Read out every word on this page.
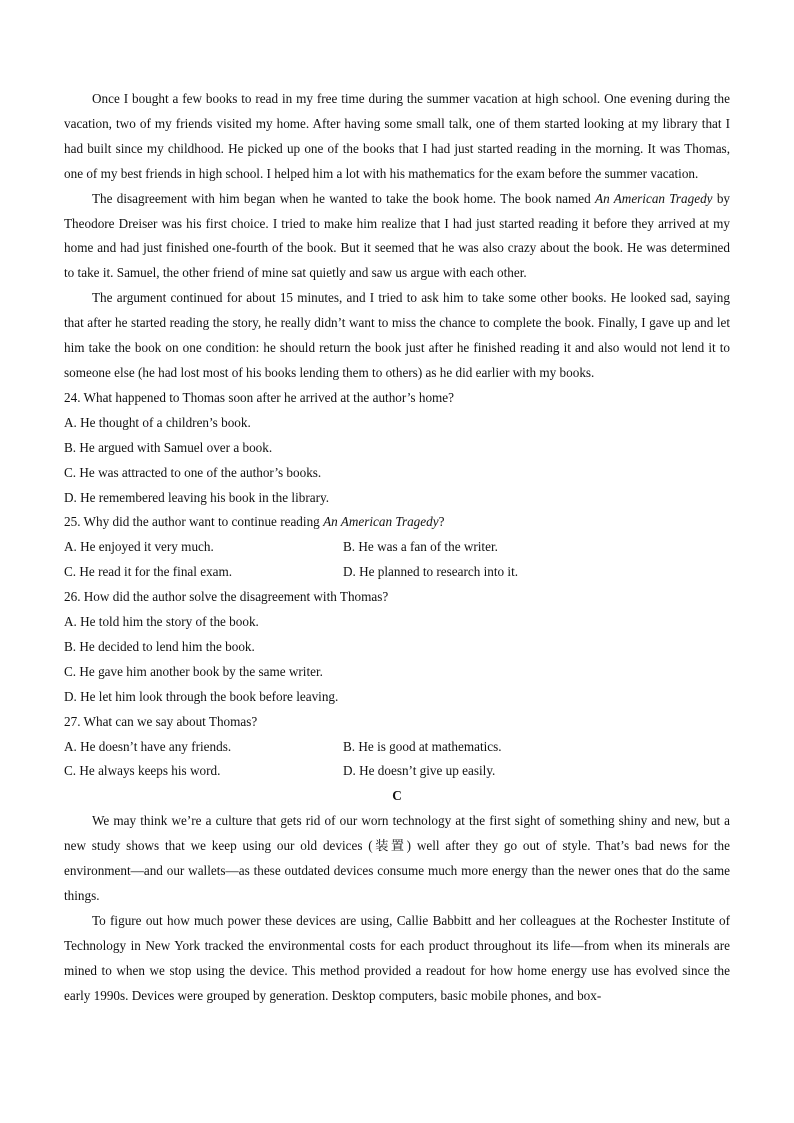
Once I bought a few books to read in my free time during the summer vacation at high school. One evening during the vacation, two of my friends visited my home. After having some small talk, one of them started looking at my library that I had built since my childhood. He picked up one of the books that I had just started reading in the morning. It was Thomas, one of my best friends in high school. I helped him a lot with his mathematics for the exam before the summer vacation.

The disagreement with him began when he wanted to take the book home. The book named An American Tragedy by Theodore Dreiser was his first choice. I tried to make him realize that I had just started reading it before they arrived at my home and had just finished one-fourth of the book. But it seemed that he was also crazy about the book. He was determined to take it. Samuel, the other friend of mine sat quietly and saw us argue with each other.

The argument continued for about 15 minutes, and I tried to ask him to take some other books. He looked sad, saying that after he started reading the story, he really didn’t want to miss the chance to complete the book. Finally, I gave up and let him take the book on one condition: he should return the book just after he finished reading it and also would not lend it to someone else (he had lost most of his books lending them to others) as he did earlier with my books.

24. What happened to Thomas soon after he arrived at the author’s home?

A. He thought of a children’s book.

B. He argued with Samuel over a book.

C. He was attracted to one of the author’s books.

D. He remembered leaving his book in the library.

25. Why did the author want to continue reading An American Tragedy?

A. He enjoyed it very much.	B. He was a fan of the writer.
C. He read it for the final exam.	D. He planned to research into it.

26. How did the author solve the disagreement with Thomas?

A. He told him the story of the book.

B. He decided to lend him the book.

C. He gave him another book by the same writer.

D. He let him look through the book before leaving.

27. What can we say about Thomas?

A. He doesn’t have any friends.	B. He is good at mathematics.
C. He always keeps his word.	D. He doesn’t give up easily.

C

We may think we’re a culture that gets rid of our worn technology at the first sight of something shiny and new, but a new study shows that we keep using our old devices (装置) well after they go out of style. That’s bad news for the environment—and our wallets—as these outdated devices consume much more energy than the newer ones that do the same things.

To figure out how much power these devices are using, Callie Babbitt and her colleagues at the Rochester Institute of Technology in New York tracked the environmental costs for each product throughout its life—from when its minerals are mined to when we stop using the device. This method provided a readout for how home energy use has evolved since the early 1990s. Devices were grouped by generation. Desktop computers, basic mobile phones, and box-
